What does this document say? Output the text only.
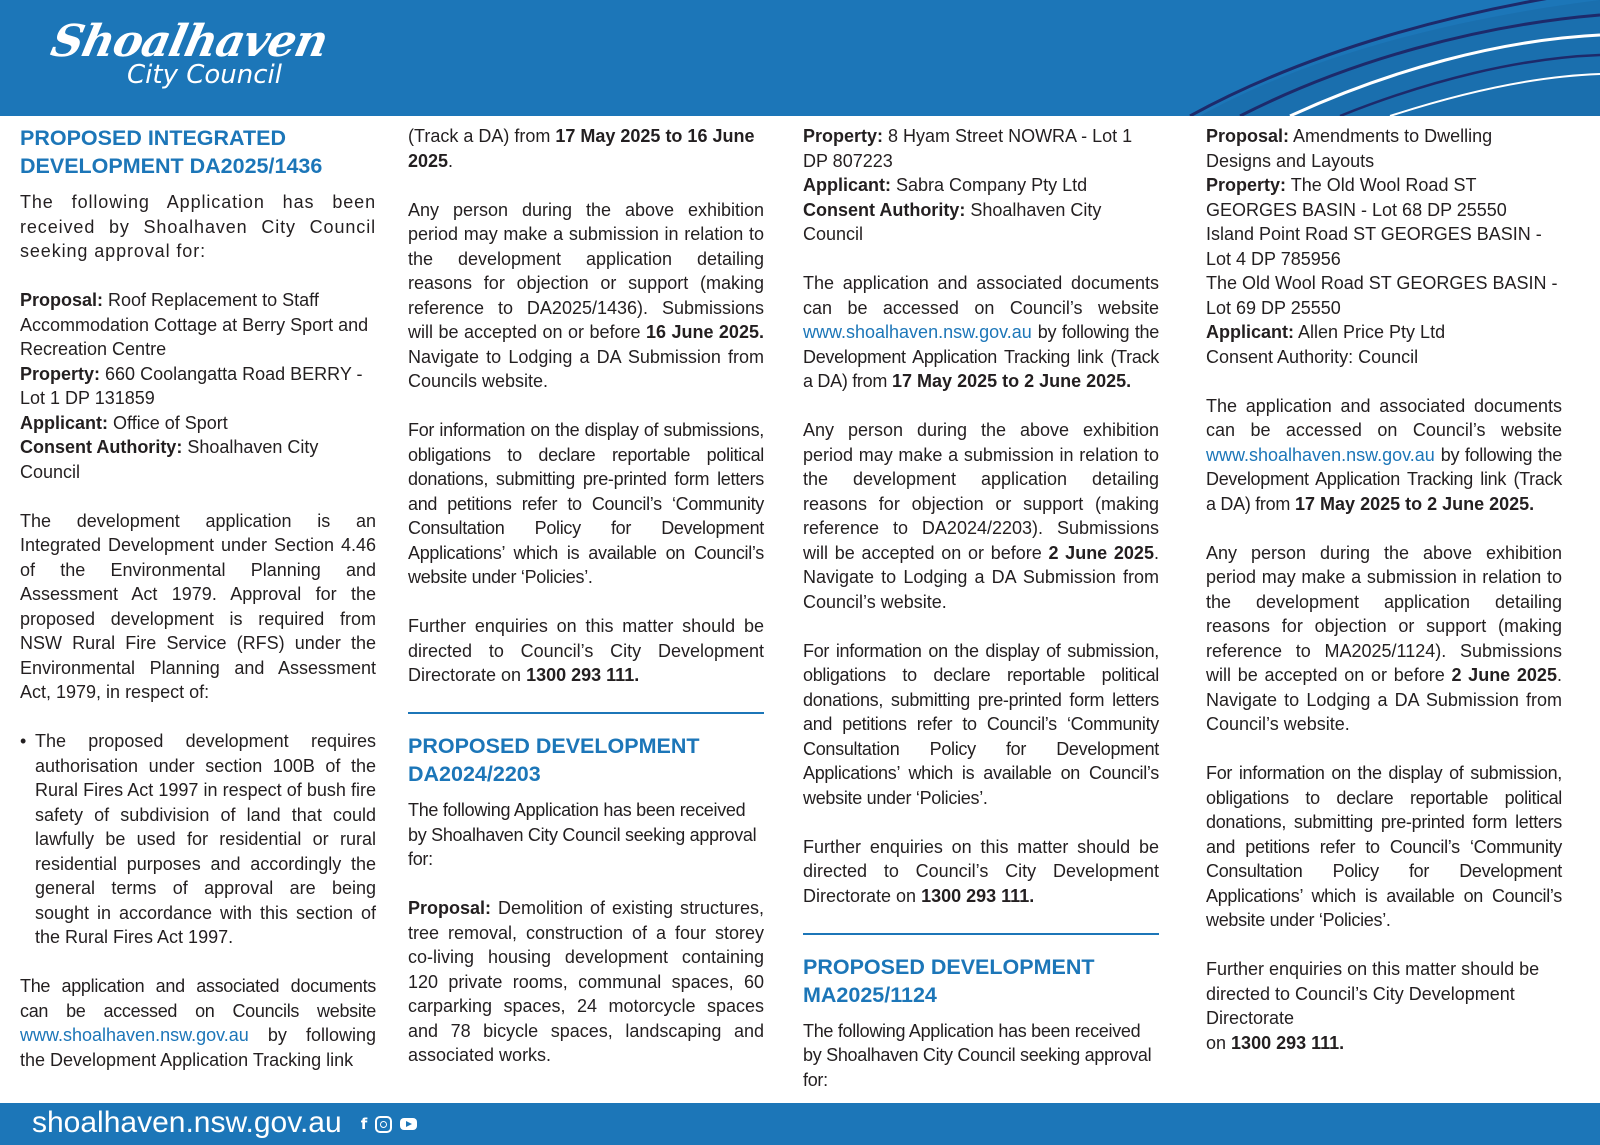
Shoalhaven
City Council
PROPOSED INTEGRATED DEVELOPMENT DA2025/1436

The following Application has been received by Shoalhaven City Council seeking approval for:

Proposal: Roof Replacement to Staff Accommodation Cottage at Berry Sport and Recreation Centre
Property: 660 Coolangatta Road BERRY - Lot 1 DP 131859
Applicant: Office of Sport
Consent Authority: Shoalhaven City Council

The development application is an Integrated Development under Section 4.46 of the Environmental Planning and Assessment Act 1979. Approval for the proposed development is required from NSW Rural Fire Service (RFS) under the Environmental Planning and Assessment Act, 1979, in respect of:

• The proposed development requires authorisation under section 100B of the Rural Fires Act 1997 in respect of bush fire safety of subdivision of land that could lawfully be used for residential or rural residential purposes and accordingly the general terms of approval are being sought in accordance with this section of the Rural Fires Act 1997.

The application and associated documents can be accessed on Councils website www.shoalhaven.nsw.gov.au by following the Development Application Tracking link

(Track a DA) from 17 May 2025 to 16 June 2025.

Any person during the above exhibition period may make a submission in relation to the development application detailing reasons for objection or support (making reference to DA2025/1436). Submissions will be accepted on or before 16 June 2025. Navigate to Lodging a DA Submission from Councils website.

For information on the display of submissions, obligations to declare reportable political donations, submitting pre-printed form letters and petitions refer to Council’s ‘Community Consultation Policy for Development Applications’ which is available on Council’s website under ‘Policies’.

Further enquiries on this matter should be directed to Council’s City Development Directorate on 1300 293 111.

PROPOSED DEVELOPMENT DA2024/2203

The following Application has been received by Shoalhaven City Council seeking approval for:

Proposal: Demolition of existing structures, tree removal, construction of a four storey co-living housing development containing 120 private rooms, communal spaces, 60 carparking spaces, 24 motorcycle spaces and 78 bicycle spaces, landscaping and associated works.

Property: 8 Hyam Street NOWRA - Lot 1 DP 807223
Applicant: Sabra Company Pty Ltd
Consent Authority: Shoalhaven City Council

The application and associated documents can be accessed on Council’s website www.shoalhaven.nsw.gov.au by following the Development Application Tracking link (Track a DA) from 17 May 2025 to 2 June 2025.

Any person during the above exhibition period may make a submission in relation to the development application detailing reasons for objection or support (making reference to DA2024/2203). Submissions will be accepted on or before 2 June 2025. Navigate to Lodging a DA Submission from Council’s website.

For information on the display of submission, obligations to declare reportable political donations, submitting pre-printed form letters and petitions refer to Council’s ‘Community Consultation Policy for Development Applications’ which is available on Council’s website under ‘Policies’.

Further enquiries on this matter should be directed to Council’s City Development Directorate on 1300 293 111.

PROPOSED DEVELOPMENT MA2025/1124

The following Application has been received by Shoalhaven City Council seeking approval for:

Proposal: Amendments to Dwelling Designs and Layouts
Property: The Old Wool Road ST GEORGES BASIN - Lot 68 DP 25550
Island Point Road ST GEORGES BASIN - Lot 4 DP 785956
The Old Wool Road ST GEORGES BASIN - Lot 69 DP 25550
Applicant: Allen Price Pty Ltd
Consent Authority: Council

The application and associated documents can be accessed on Council’s website www.shoalhaven.nsw.gov.au by following the Development Application Tracking link (Track a DA) from 17 May 2025 to 2 June 2025.

Any person during the above exhibition period may make a submission in relation to the development application detailing reasons for objection or support (making reference to MA2025/1124). Submissions will be accepted on or before 2 June 2025. Navigate to Lodging a DA Submission from Council’s website.

For information on the display of submission, obligations to declare reportable political donations, submitting pre-printed form letters and petitions refer to Council’s ‘Community Consultation Policy for Development Applications’ which is available on Council’s website under ‘Policies’.

Further enquiries on this matter should be directed to Council’s City Development Directorate
on 1300 293 111.

shoalhaven.nsw.gov.au	f
